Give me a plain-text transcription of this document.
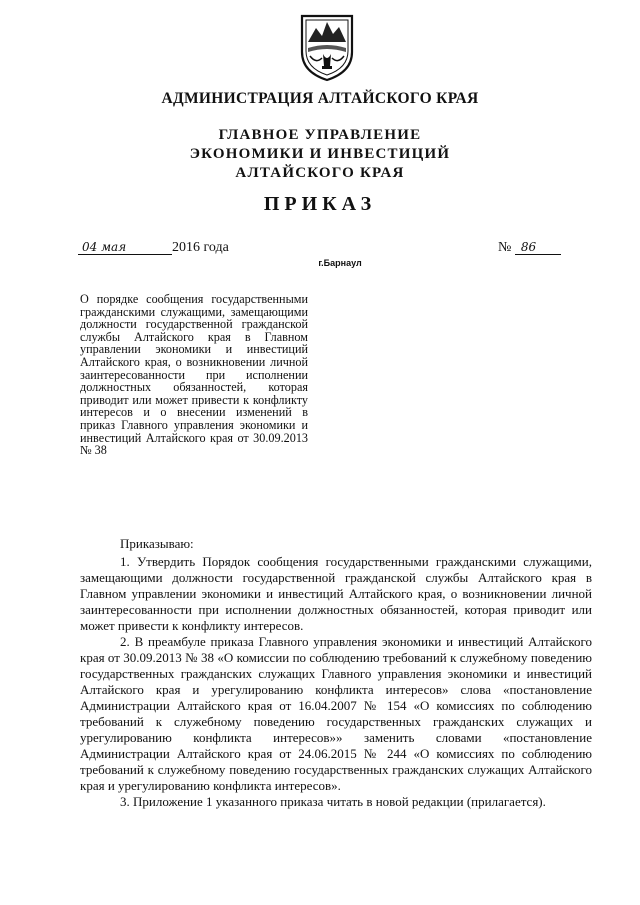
АДМИНИСТРАЦИЯ АЛТАЙСКОГО КРАЯ
ГЛАВНОЕ УПРАВЛЕНИЕ
ЭКОНОМИКИ И ИНВЕСТИЦИЙ
АЛТАЙСКОГО КРАЯ
ПРИКАЗ
04 мая	2016 года	№ 86
г.Барнаул
О порядке сообщения государственными гражданскими служащими, замещающими должности государственной гражданской службы Алтайского края в Главном управлении экономики и инвестиций Алтайского края, о возникновении личной заинтересованности при исполнении должностных обязанностей, которая приводит или может привести к конфликту интересов и о внесении изменений в приказ Главного управления экономики и инвестиций Алтайского края от 30.09.2013 № 38

Приказываю:

1. Утвердить Порядок сообщения государственными гражданскими служащими, замещающими должности государственной гражданской службы Алтайского края в Главном управлении экономики и инвестиций Алтайского края, о возникновении личной заинтересованности при исполнении должностных обязанностей, которая приводит или может привести к конфликту интересов.

2. В преамбуле приказа Главного управления экономики и инвестиций Алтайского края от 30.09.2013 № 38 «О комиссии по соблюдению требований к служебному поведению государственных гражданских служащих Главного управления экономики и инвестиций Алтайского края и урегулированию конфликта интересов» слова «постановление Администрации Алтайского края от 16.04.2007 № 154 «О комиссиях по соблюдению требований к служебному поведению государственных гражданских служащих и урегулированию конфликта интересов»» заменить словами «постановление Администрации Алтайского края от 24.06.2015 № 244 «О комиссиях по соблюдению требований к служебному поведению государственных гражданских служащих Алтайского края и урегулированию конфликта интересов».

3. Приложение 1 указанного приказа читать в новой редакции (прилагается).
